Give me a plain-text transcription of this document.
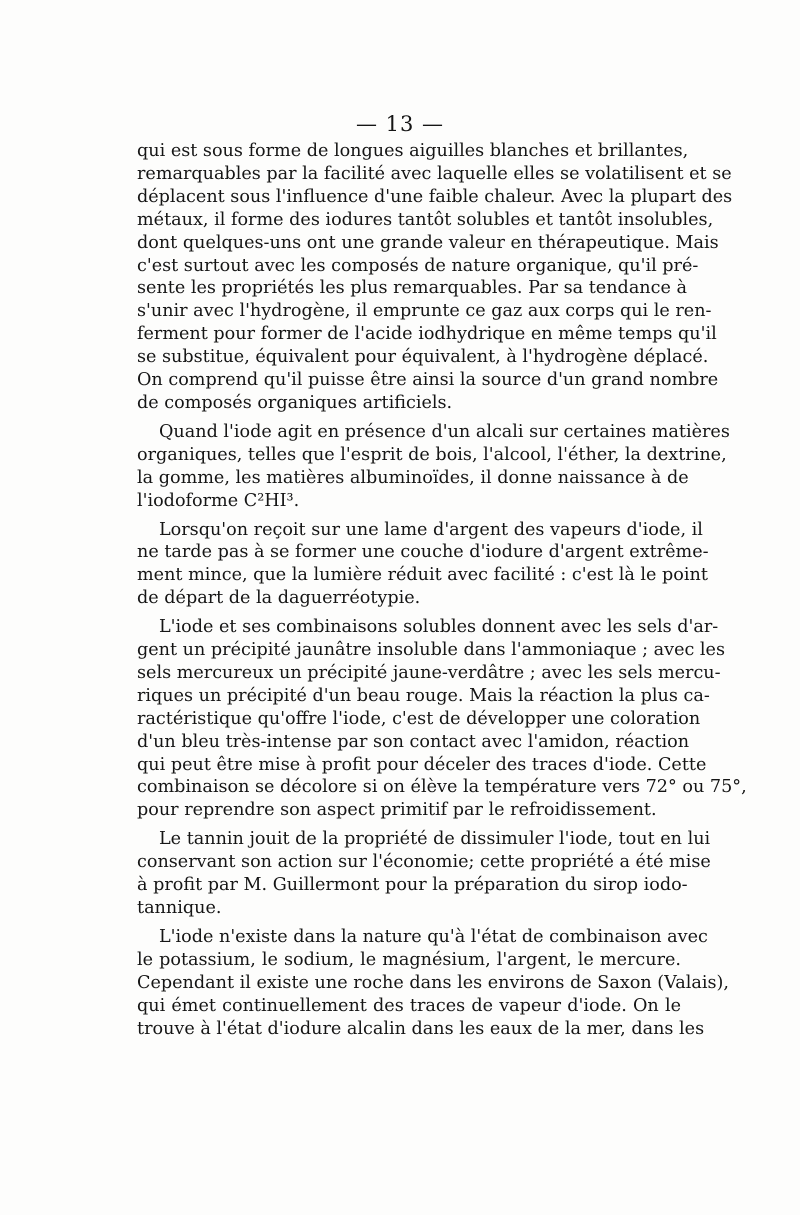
— 13 —
qui est sous forme de longues aiguilles blanches et brillantes,
remarquables par la facilité avec laquelle elles se volatilisent et se
déplacent sous l'influence d'une faible chaleur. Avec la plupart des
métaux, il forme des iodures tantôt solubles et tantôt insolubles,
dont quelques-uns ont une grande valeur en thérapeutique. Mais
c'est surtout avec les composés de nature organique, qu'il pré-
sente les propriétés les plus remarquables. Par sa tendance à
s'unir avec l'hydrogène, il emprunte ce gaz aux corps qui le ren-
ferment pour former de l'acide iodhydrique en même temps qu'il
se substitue, équivalent pour équivalent, à l'hydrogène déplacé.
On comprend qu'il puisse être ainsi la source d'un grand nombre
de composés organiques artificiels.
Quand l'iode agit en présence d'un alcali sur certaines matières
organiques, telles que l'esprit de bois, l'alcool, l'éther, la dextrine,
la gomme, les matières albuminoïdes, il donne naissance à de
l'iodoforme C²HI³.
Lorsqu'on reçoit sur une lame d'argent des vapeurs d'iode, il
ne tarde pas à se former une couche d'iodure d'argent extrême-
ment mince, que la lumière réduit avec facilité : c'est là le point
de départ de la daguerréotypie.
L'iode et ses combinaisons solubles donnent avec les sels d'ar-
gent un précipité jaunâtre insoluble dans l'ammoniaque ; avec les
sels mercureux un précipité jaune-verdâtre ; avec les sels mercu-
riques un précipité d'un beau rouge. Mais la réaction la plus ca-
ractéristique qu'offre l'iode, c'est de développer une coloration
d'un bleu très-intense par son contact avec l'amidon, réaction
qui peut être mise à profit pour déceler des traces d'iode. Cette
combinaison se décolore si on élève la température vers 72° ou 75°,
pour reprendre son aspect primitif par le refroidissement.
Le tannin jouit de la propriété de dissimuler l'iode, tout en lui
conservant son action sur l'économie; cette propriété a été mise
à profit par M. Guillermont pour la préparation du sirop iodo-
tannique.
L'iode n'existe dans la nature qu'à l'état de combinaison avec
le potassium, le sodium, le magnésium, l'argent, le mercure.
Cependant il existe une roche dans les environs de Saxon (Valais),
qui émet continuellement des traces de vapeur d'iode. On le
trouve à l'état d'iodure alcalin dans les eaux de la mer, dans les
